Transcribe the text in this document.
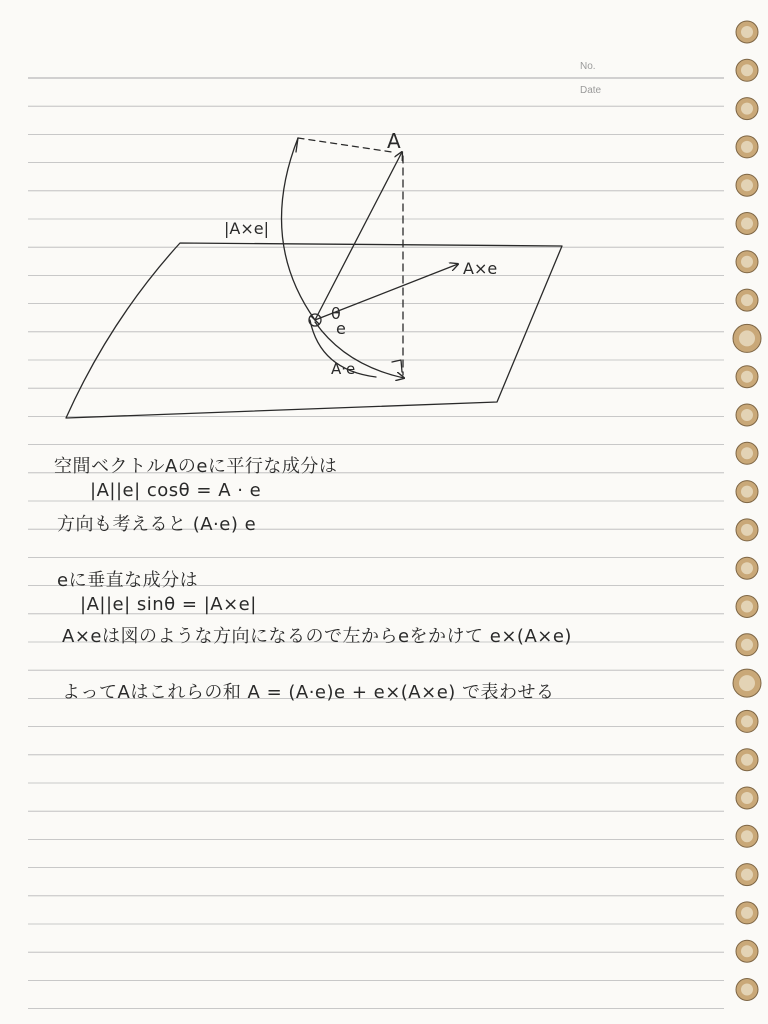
No.
Date
A
A×e
|A×e|
θ
e
A·e
空間ベクトルAのeに平行な成分は
|A||e| cosθ = A · e
方向も考えると (A·e) e
eに垂直な成分は
|A||e| sinθ = |A×e|
A×eは図のような方向になるので左からeをかけて e×(A×e)
よってAはこれらの和 A = (A·e)e + e×(A×e) で表わせる
